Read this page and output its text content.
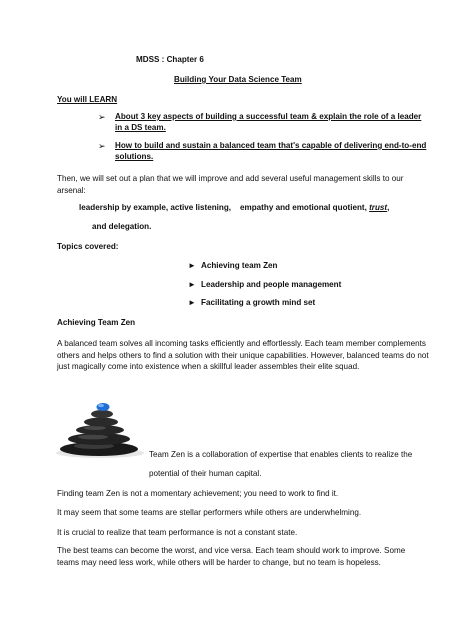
MDSS : Chapter 6
Building Your Data Science Team
You will LEARN
➢ About 3 key aspects of building a successful team & explain the role of a leader in a DS team.
➢ How to build and sustain a balanced team that's capable of delivering end-to-end solutions.
Then, we will set out a plan that we will improve and add several useful management skills to our arsenal:
leadership by example, active listening,    empathy and emotional quotient, trust,
and delegation.
Topics covered:
► Achieving team Zen
► Leadership and people management
► Facilitating a growth mind set
Achieving Team Zen
A balanced team solves all incoming tasks efficiently and effortlessly. Each team member complements others and helps others to find a solution with their unique capabilities. However, balanced teams do not just magically come into existence when a skillful leader assembles their elite squad.
Team Zen is a collaboration of expertise that enables clients to realize the
potential of their human capital.
Finding team Zen is not a momentary achievement; you need to work to find it.
It may seem that some teams are stellar performers while others are underwhelming.
It is crucial to realize that team performance is not a constant state.
The best teams can become the worst, and vice versa. Each team should work to improve. Some teams may need less work, while others will be harder to change, but no team is hopeless.
